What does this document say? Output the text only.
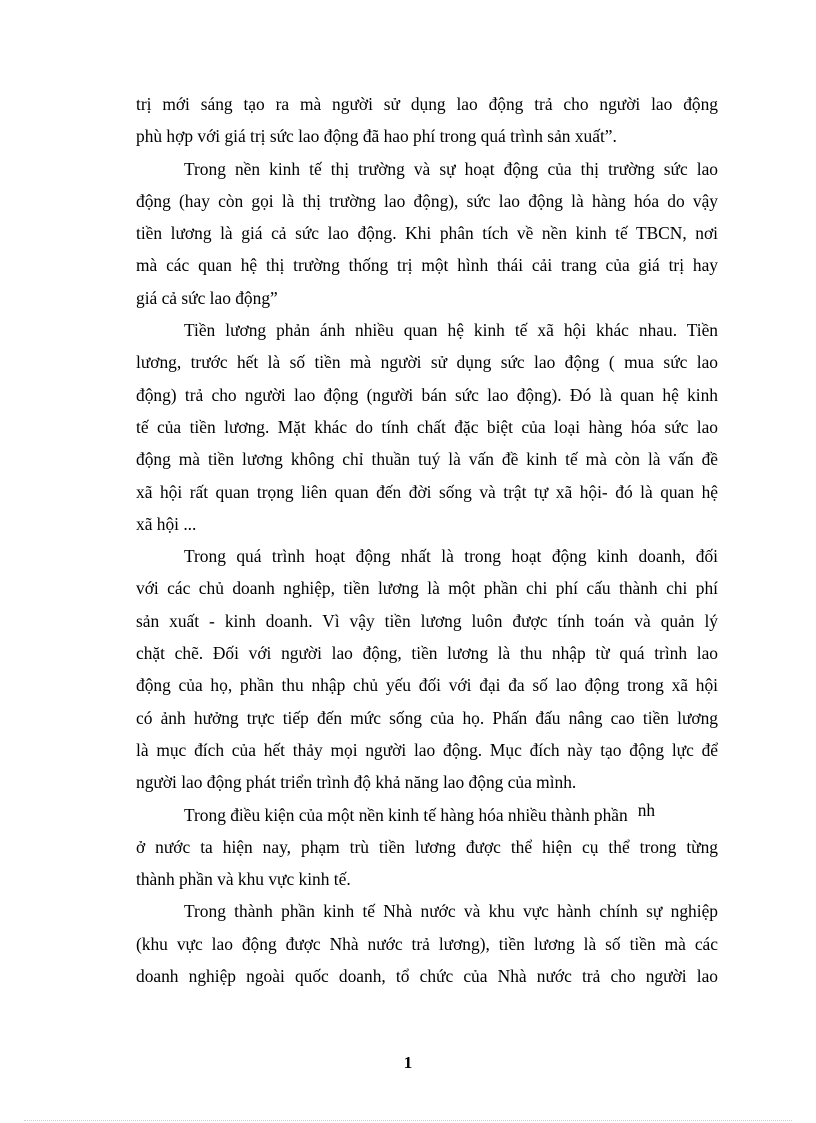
trị mới sáng tạo ra mà người sử dụng lao động trả cho người lao động
phù hợp với giá trị sức lao động đã hao phí trong quá trình sản xuất”.
Trong nền kinh tế thị trường và sự hoạt động của thị trường sức lao
động (hay còn gọi là thị trường lao động), sức lao động là hàng hóa do vậy
tiền lương là giá cả sức lao động. Khi phân tích về nền kinh tế TBCN, nơi
mà các quan hệ thị trường thống trị một hình thái cải trang của giá trị hay
giá cả sức lao động”
Tiền lương phản ánh nhiều quan hệ kinh tế xã hội khác nhau. Tiền
lương, trước hết là số tiền mà người sử dụng sức lao động ( mua sức lao
động) trả cho người lao động (người bán sức lao động). Đó là quan hệ kinh
tế của tiền lương. Mặt khác do tính chất đặc biệt của loại hàng hóa sức lao
động mà tiền lương không chỉ thuần tuý là vấn đề kinh tế mà còn là vấn đề
xã hội rất quan trọng liên quan đến đời sống và trật tự xã hội- đó là quan hệ
xã hội ...
Trong quá trình hoạt động nhất là trong hoạt động kinh doanh, đối
với các chủ doanh nghiệp, tiền lương là một phần chi phí cấu thành chi phí
sản xuất - kinh doanh. Vì vậy tiền lương luôn được tính toán và quản lý
chặt chẽ. Đối với người lao động, tiền lương là thu nhập từ quá trình lao
động của họ, phần thu nhập chủ yếu đối với đại đa số lao động trong xã hội
có ảnh hưởng trực tiếp đến mức sống của họ. Phấn đấu nâng cao tiền lương
là mục đích của hết thảy mọi người lao động. Mục đích này tạo động lực để
người lao động phát triển trình độ khả năng lao động của mình.
Trong điều kiện của một nền kinh tế hàng hóa nhiều thành phần nh
ở nước ta hiện nay, phạm trù tiền lương được thể hiện cụ thể trong từng
thành phần và khu vực kinh tế.
Trong thành phần kinh tế Nhà nước và khu vực hành chính sự nghiệp
(khu vực lao động được Nhà nước trả lương), tiền lương là số tiền mà các
doanh nghiệp ngoài quốc doanh, tổ chức của Nhà nước trả cho người lao
1
